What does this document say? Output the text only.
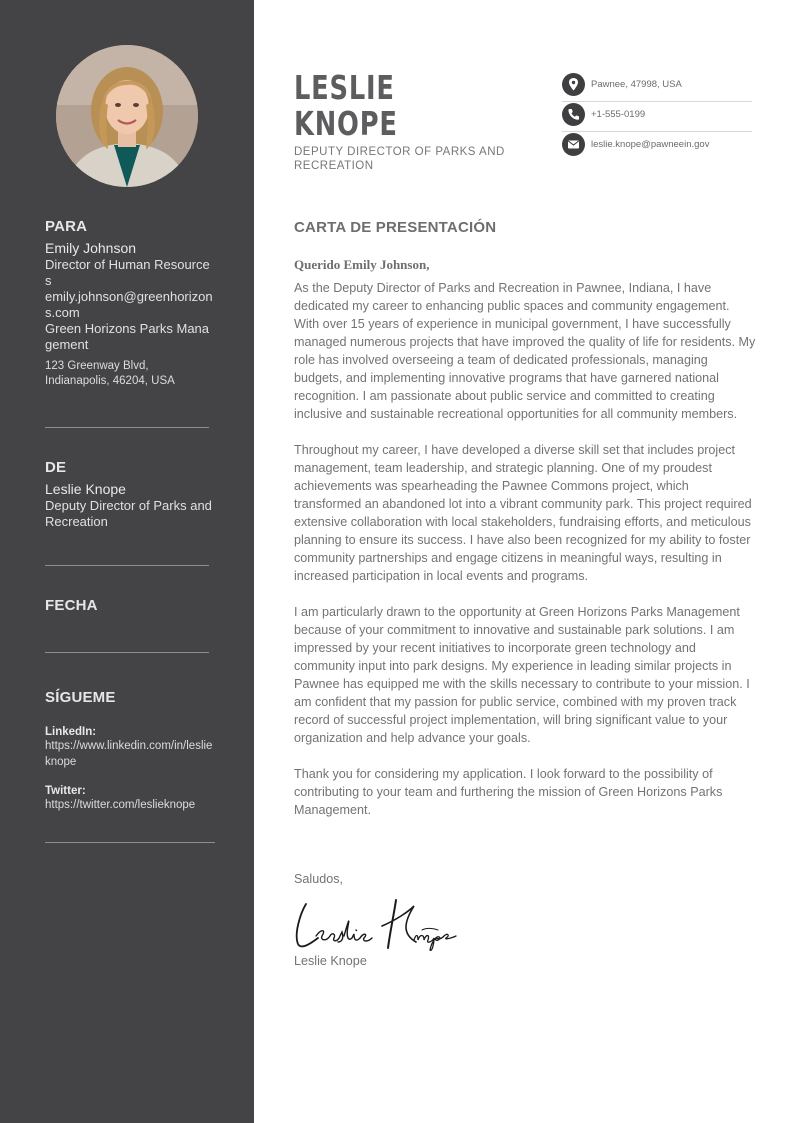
PARA

Emily Johnson
Director of Human Resources
emily.johnson@greenhorizons.com
Green Horizons Parks Management
123 Greenway Blvd,
Indianapolis, 46204, USA

DE

Leslie Knope
Deputy Director of Parks and Recreation

FECHA

SÍGUEME

LinkedIn:
https://www.linkedin.com/in/leslieknope
Twitter:
https://twitter.com/leslieknope
LESLIE
KNOPE
DEPUTY DIRECTOR OF PARKS AND RECREATION
Pawnee, 47998, USA
+1-555-0199
leslie.knope@pawneein.gov
CARTA DE PRESENTACIÓN
Querido Emily Johnson,

As the Deputy Director of Parks and Recreation in Pawnee, Indiana, I have dedicated my career to enhancing public spaces and community engagement. With over 15 years of experience in municipal government, I have successfully managed numerous projects that have improved the quality of life for residents. My role has involved overseeing a team of dedicated professionals, managing budgets, and implementing innovative programs that have garnered national recognition. I am passionate about public service and committed to creating inclusive and sustainable recreational opportunities for all community members.

Throughout my career, I have developed a diverse skill set that includes project management, team leadership, and strategic planning. One of my proudest achievements was spearheading the Pawnee Commons project, which transformed an abandoned lot into a vibrant community park. This project required extensive collaboration with local stakeholders, fundraising efforts, and meticulous planning to ensure its success. I have also been recognized for my ability to foster community partnerships and engage citizens in meaningful ways, resulting in increased participation in local events and programs.

I am particularly drawn to the opportunity at Green Horizons Parks Management because of your commitment to innovative and sustainable park solutions. I am impressed by your recent initiatives to incorporate green technology and community input into park designs. My experience in leading similar projects in Pawnee has equipped me with the skills necessary to contribute to your mission. I am confident that my passion for public service, combined with my proven track record of successful project implementation, will bring significant value to your organization and help advance your goals.

Thank you for considering my application. I look forward to the possibility of contributing to your team and furthering the mission of Green Horizons Parks Management.

Saludos,
Leslie Knope
